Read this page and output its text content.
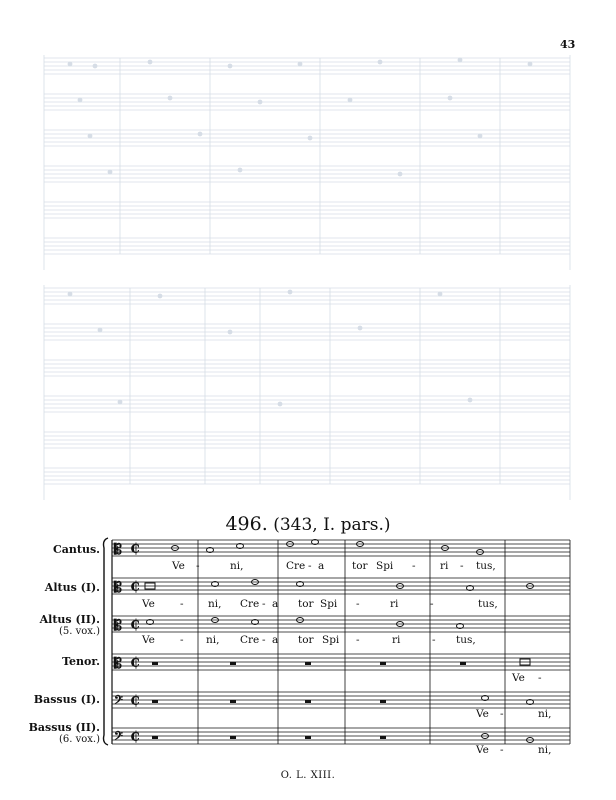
43
𝄡 ₵
𝄡 ₵
𝄡 ₵
𝄡 ₵
𝄢 ₵
𝄢 ₵
496. (343, I. pars.)
Cantus.
Altus (I).
Altus (II).
(5. vox.)
Tenor.
Bassus (I).
Bassus (II).
(6. vox.)
Ve -	ni,	Cre - a	tor Spi - ri - tus,
Ve - ni, Cre - a tor Spi -	ri	-	tus,
Ve - ni, Cre - a tor Spi -	ri	- tus,
Ve -
Ve -	ni,
Ve -	ni,
O. L. XIII.
